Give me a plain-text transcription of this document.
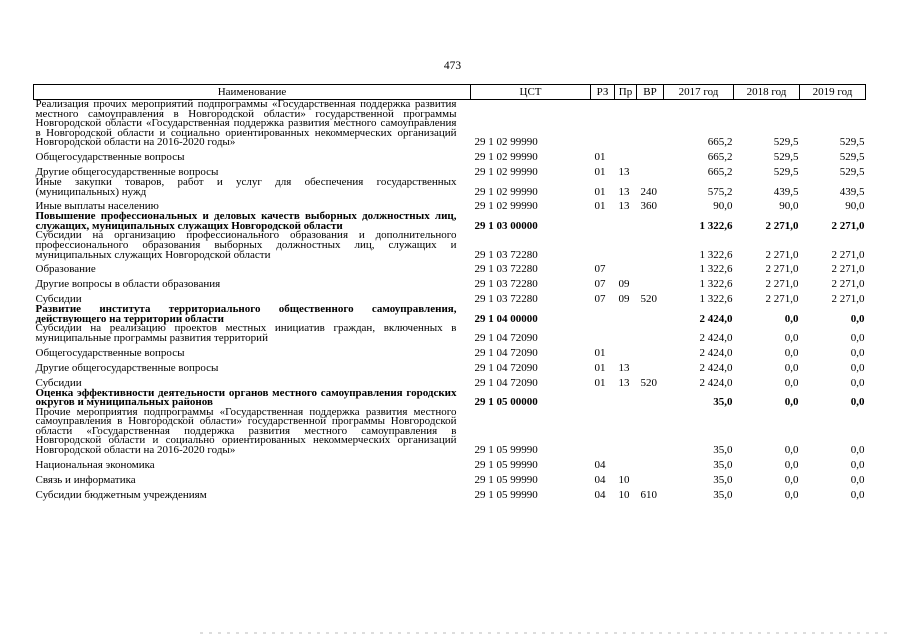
473
Наименование	ЦСТ	РЗ	Пр	ВР	2017 год	2018 год	2019 год
Реализация прочих мероприятий подпрограммы «Государственная поддержка развития местного самоуправления в Новгородской области» государственной программы Новгородской области «Государственная поддержка развития местного самоуправления в Новгородской области и социально ориентированных некоммерческих организаций Новгородской области на 2016-2020 годы»	29 1 02 99990				665,2	529,5	529,5
Общегосударственные вопросы	29 1 02 99990	01			665,2	529,5	529,5
Другие общегосударственные вопросы	29 1 02 99990	01	13		665,2	529,5	529,5
Иные закупки товаров, работ и услуг для обеспечения государственных (муниципальных) нужд	29 1 02 99990	01	13	240	575,2	439,5	439,5
Иные выплаты населению	29 1 02 99990	01	13	360	90,0	90,0	90,0
Повышение профессиональных и деловых качеств выборных должностных лиц, служащих, муниципальных служащих Новгородской области	29 1 03 00000				1 322,6	2 271,0	2 271,0
Субсидии на организацию профессионального образования и дополнительного профессионального образования выборных должностных лиц, служащих и муниципальных служащих Новгородской области	29 1 03 72280				1 322,6	2 271,0	2 271,0
Образование	29 1 03 72280	07			1 322,6	2 271,0	2 271,0
Другие вопросы в области образования	29 1 03 72280	07	09		1 322,6	2 271,0	2 271,0
Субсидии	29 1 03 72280	07	09	520	1 322,6	2 271,0	2 271,0
Развитие института территориального общественного самоуправления, действующего на территории области	29 1 04 00000				2 424,0	0,0	0,0
Субсидии на реализацию проектов местных инициатив граждан, включенных в муниципальные программы развития территорий	29 1 04 72090				2 424,0	0,0	0,0
Общегосударственные вопросы	29 1 04 72090	01			2 424,0	0,0	0,0
Другие общегосударственные вопросы	29 1 04 72090	01	13		2 424,0	0,0	0,0
Субсидии	29 1 04 72090	01	13	520	2 424,0	0,0	0,0
Оценка эффективности деятельности органов местного самоуправления городских округов и муниципальных районов	29 1 05 00000				35,0	0,0	0,0
Прочие мероприятия подпрограммы «Государственная поддержка развития местного самоуправления в Новгородской области» государственной программы Новгородской области «Государственная поддержка развития местного самоуправления в Новгородской области и социально ориентированных некоммерческих организаций Новгородской области на 2016-2020 годы»	29 1 05 99990				35,0	0,0	0,0
Национальная экономика	29 1 05 99990	04			35,0	0,0	0,0
Связь и информатика	29 1 05 99990	04	10		35,0	0,0	0,0
Субсидии бюджетным учреждениям	29 1 05 99990	04	10	610	35,0	0,0	0,0
